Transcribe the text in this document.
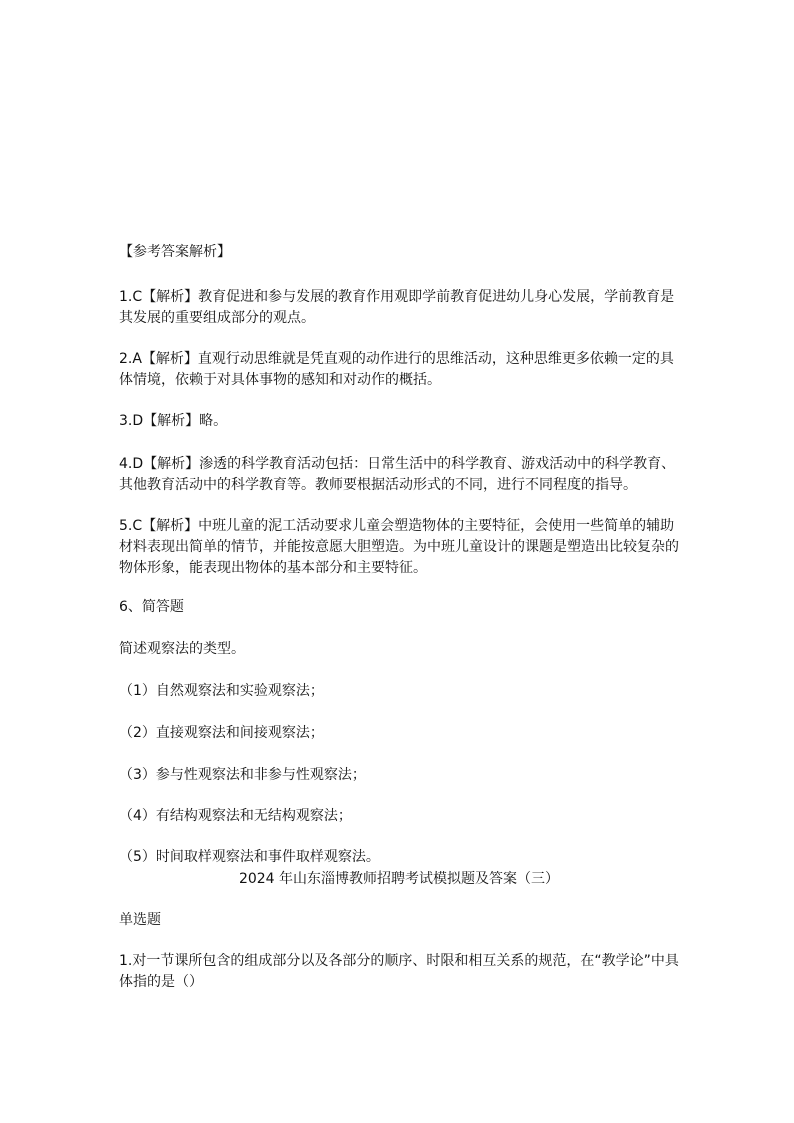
【参考答案解析】
1.C【解析】教育促进和参与发展的教育作用观即学前教育促进幼儿身心发展，学前教育是其发展的重要组成部分的观点。
2.A【解析】直观行动思维就是凭直观的动作进行的思维活动，这种思维更多依赖一定的具体情境，依赖于对具体事物的感知和对动作的概括。
3.D【解析】略。
4.D【解析】渗透的科学教育活动包括：日常生活中的科学教育、游戏活动中的科学教育、其他教育活动中的科学教育等。教师要根据活动形式的不同，进行不同程度的指导。
5.C【解析】中班儿童的泥工活动要求儿童会塑造物体的主要特征，会使用一些简单的辅助材料表现出简单的情节，并能按意愿大胆塑造。为中班儿童设计的课题是塑造出比较复杂的物体形象，能表现出物体的基本部分和主要特征。
6、简答题
简述观察法的类型。
（1）自然观察法和实验观察法；
（2）直接观察法和间接观察法；
（3）参与性观察法和非参与性观察法；
（4）有结构观察法和无结构观察法；
（5）时间取样观察法和事件取样观察法。
2024 年山东淄博教师招聘考试模拟题及答案（三）
单选题
1.对一节课所包含的组成部分以及各部分的顺序、时限和相互关系的规范，在“教学论”中具体指的是（）
